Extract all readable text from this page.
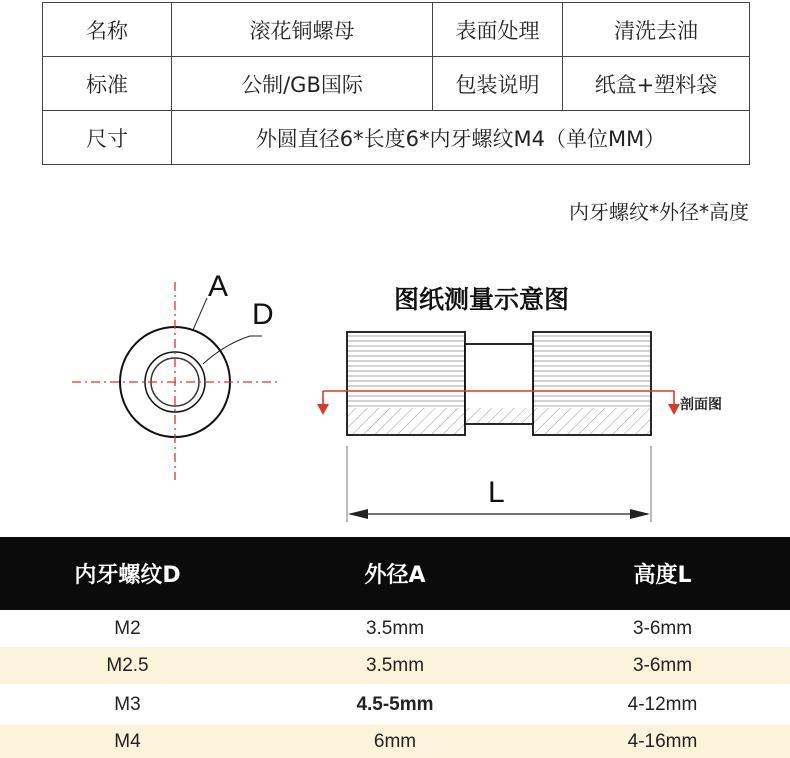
名称	滚花铜螺母	表面处理	清洗去油
标准	公制/GB国际	包装说明	纸盒+塑料袋
尺寸	外圆直径6*长度6*内牙螺纹M4（单位MM）		
内牙螺纹*外径*高度
A
D	图纸测量示意图
剖面图
L
内牙螺纹D	外径A	高度L
M2	3.5mm	3-6mm
M2.5	3.5mm	3-6mm
M3	4.5-5mm	4-12mm
M4	6mm	4-16mm
